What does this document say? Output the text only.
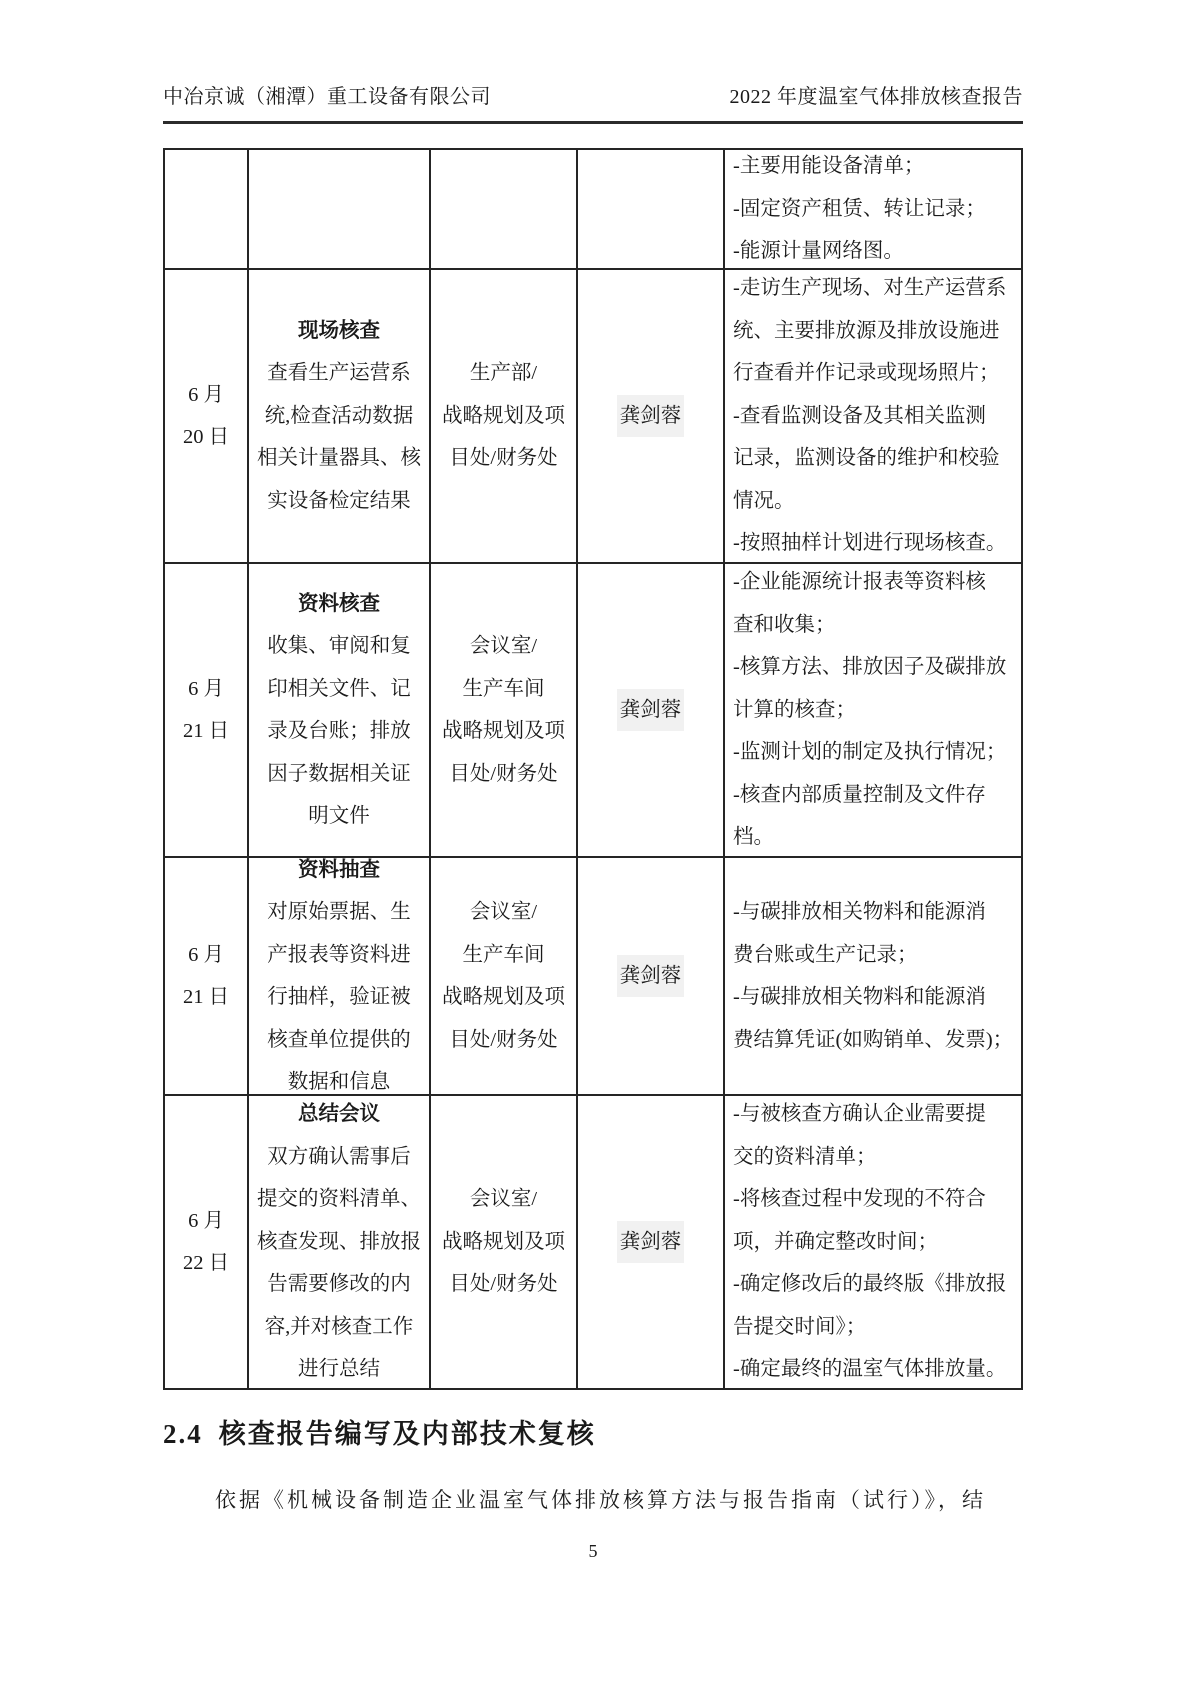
中冶京诚（湘潭）重工设备有限公司	2022 年度温室气体排放核查报告
-主要用能设备清单；
-固定资产租赁、转让记录；
-能源计量网络图。
6 月
20 日
现场核查
查看生产运营系
统,检查活动数据
相关计量器具、核
实设备检定结果
生产部/
战略规划及项
目处/财务处
龚剑蓉
-走访生产现场、对生产运营系
统、主要排放源及排放设施进
行查看并作记录或现场照片；
-查看监测设备及其相关监测
记录，监测设备的维护和校验
情况。
-按照抽样计划进行现场核查。
6 月
21 日
资料核查
收集、审阅和复
印相关文件、记
录及台账；排放
因子数据相关证
明文件
会议室/
生产车间
战略规划及项
目处/财务处
龚剑蓉
-企业能源统计报表等资料核
查和收集；
-核算方法、排放因子及碳排放
计算的核查；
-监测计划的制定及执行情况；
-核查内部质量控制及文件存
档。
6 月
21 日
资料抽查
对原始票据、生
产报表等资料进
行抽样，验证被
核查单位提供的
数据和信息
会议室/
生产车间
战略规划及项
目处/财务处
龚剑蓉
-与碳排放相关物料和能源消
费台账或生产记录；
-与碳排放相关物料和能源消
费结算凭证(如购销单、发票)；
6 月
22 日
总结会议
双方确认需事后
提交的资料清单、
核查发现、排放报
告需要修改的内
容,并对核查工作
进行总结
会议室/
战略规划及项
目处/财务处
龚剑蓉
-与被核查方确认企业需要提
交的资料清单；
-将核查过程中发现的不符合
项，并确定整改时间；
-确定修改后的最终版《排放报
告提交时间》；
-确定最终的温室气体排放量。
2.4 核查报告编写及内部技术复核
依据《机械设备制造企业温室气体排放核算方法与报告指南（试行）》，结
5
